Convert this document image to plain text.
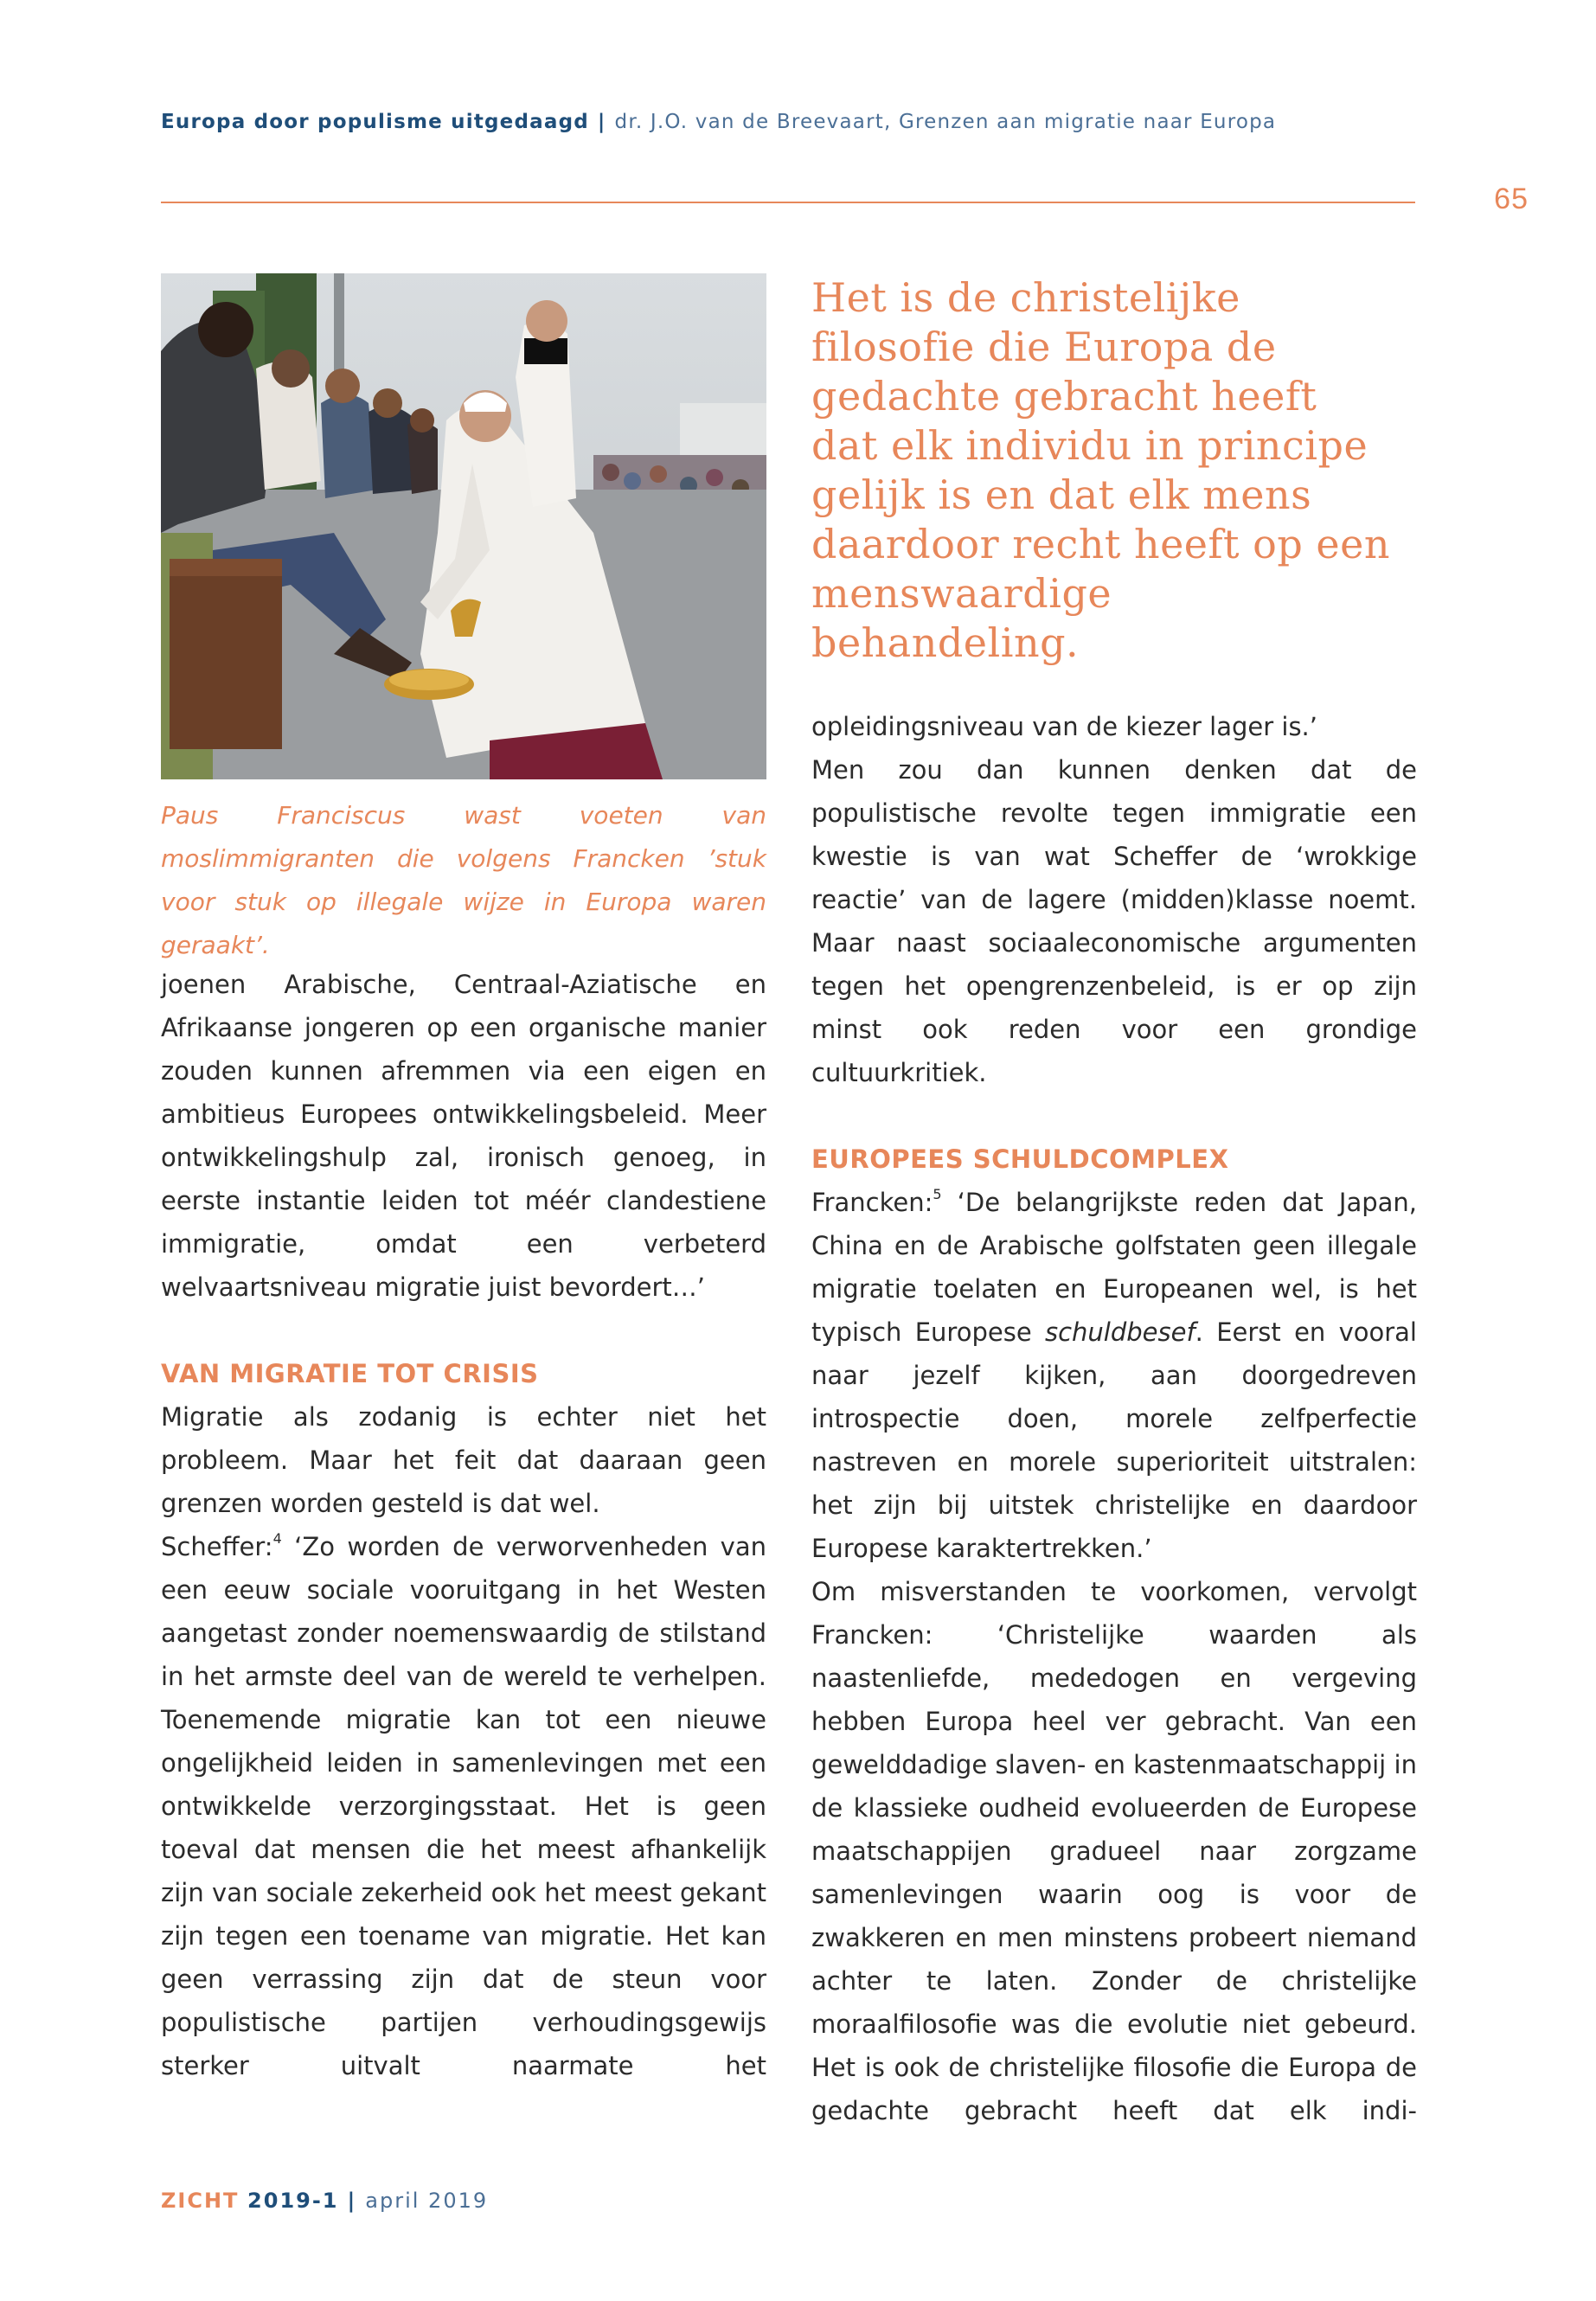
Europa door populisme uitgedaagd | dr. J.O. van de Breevaart, Grenzen aan migratie naar Europa
65
Paus Franciscus wast voeten van moslimmigranten die volgens Francken ’stuk voor stuk op illegale wijze in Europa waren geraakt’.
Het is de christelijke filosofie die Europa de gedachte gebracht heeft dat elk individu in principe gelijk is en dat elk mens daardoor recht heeft op een menswaardige behandeling.

joenen Arabische, Centraal-Aziatische en Afrikaanse jongeren op een organische manier zouden kunnen afremmen via een eigen en ambitieus Europees ontwikkelingsbeleid. Meer ontwikkelingshulp zal, ironisch genoeg, in eerste instantie leiden tot méér clandestiene immigratie, omdat een verbeterd welvaartsniveau migratie juist bevordert…’

VAN MIGRATIE TOT CRISIS

Migratie als zodanig is echter niet het probleem. Maar het feit dat daaraan geen grenzen worden gesteld is dat wel.

Scheffer:$^4$ ‘Zo worden de verworvenheden van een eeuw sociale vooruitgang in het Westen aangetast zonder noemenswaardig de stilstand in het armste deel van de wereld te verhelpen. Toenemende migratie kan tot een nieuwe ongelijkheid leiden in samenlevingen met een ontwikkelde verzorgingsstaat. Het is geen toeval dat mensen die het meest afhankelijk zijn van sociale zekerheid ook het meest gekant zijn tegen een toename van migratie. Het kan geen verrassing zijn dat de steun voor populistische partijen verhoudingsgewijs sterker uitvalt naarmate het

opleidingsniveau van de kiezer lager is.’

Men zou dan kunnen denken dat de populistische revolte tegen immigratie een kwestie is van wat Scheffer de ‘wrokkige reactie’ van de lagere (midden)klasse noemt. Maar naast sociaaleconomische argumenten tegen het opengrenzenbeleid, is er op zijn minst ook reden voor een grondige cultuurkritiek.

EUROPEES SCHULDCOMPLEX

Francken:$^5$ ‘De belangrijkste reden dat Japan, China en de Arabische golfstaten geen illegale migratie toelaten en Europeanen wel, is het typisch Europese schuldbesef. Eerst en vooral naar jezelf kijken, aan doorgedreven introspectie doen, morele zelfperfectie nastreven en morele superioriteit uitstralen: het zijn bij uitstek christelijke en daardoor Europese karaktertrekken.’

Om misverstanden te voorkomen, vervolgt Francken: ‘Christelijke waarden als naastenliefde, mededogen en vergeving hebben Europa heel ver gebracht. Van een gewelddadige slaven- en kastenmaatschappij in de klassieke oudheid evolueerden de Europese maatschappijen gradueel naar zorgzame samenlevingen waarin oog is voor de zwakkeren en men minstens probeert niemand achter te laten. Zonder de christelijke moraalfilosofie was die evolutie niet gebeurd. Het is ook de christelijke filosofie die Europa de gedachte gebracht heeft dat elk indi-

ZICHT 2019-1 | april 2019
